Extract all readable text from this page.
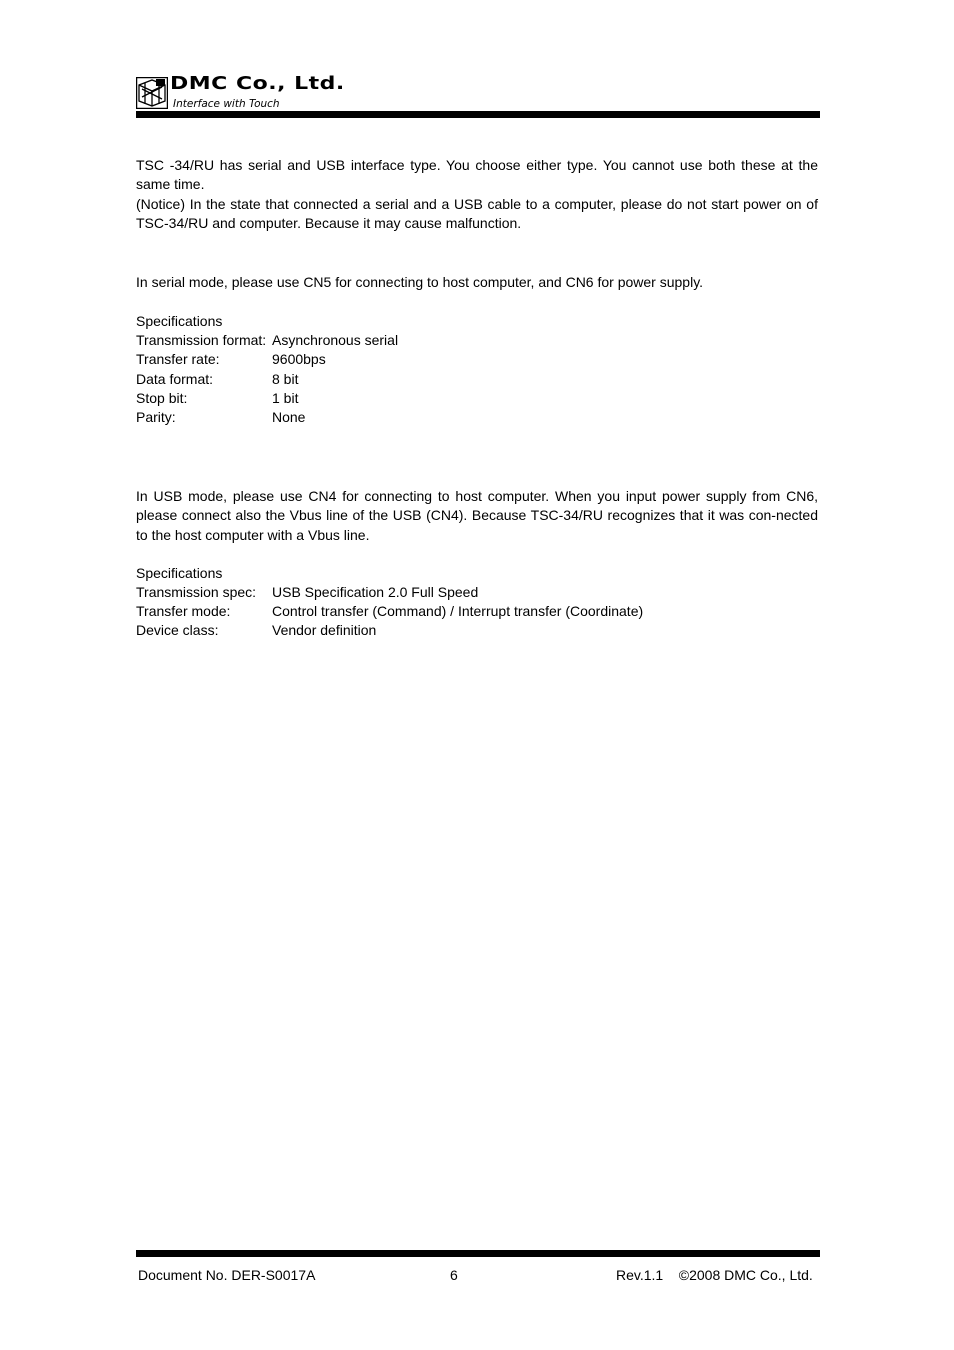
DMC Co., Ltd.
Interface with Touch
TSC -34/RU has serial and USB interface type. You choose either type. You cannot use both these at the same time.
(Notice) In the state that connected a serial and a USB cable to a computer, please do not start power on of TSC-34/RU and computer. Because it may cause malfunction.
In serial mode, please use CN5 for connecting to host computer, and CN6 for power supply.
Specifications
Transmission format: Asynchronous serial
Transfer rate:	9600bps
Data format:	8 bit
Stop bit:	1 bit
Parity:	None
In USB mode, please use CN4 for connecting to host computer. When you input power supply from CN6, please connect also the Vbus line of the USB (CN4). Because TSC-34/RU recognizes that it was con-nected to the host computer with a Vbus line.
Specifications
Transmission spec: USB Specification 2.0 Full Speed
Transfer mode:	Control transfer (Command) / Interrupt transfer (Coordinate)
Device class:	Vendor definition
Document No. DER-S0017A	6	Rev.1.1    ©2008 DMC Co., Ltd.
